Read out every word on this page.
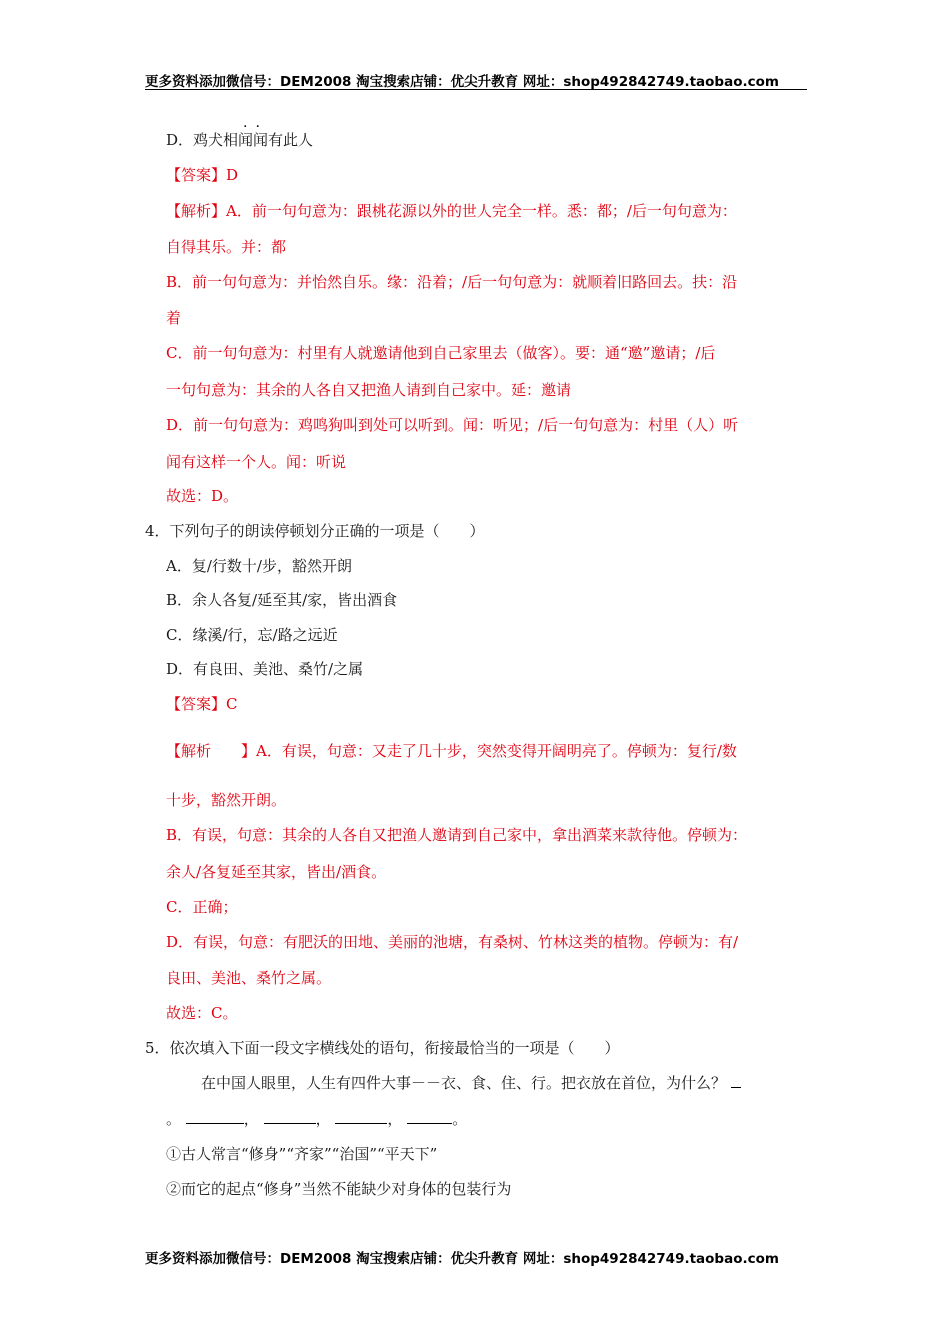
更多资料添加微信号：DEM2008 淘宝搜索店铺：优尖升教育 网址：shop492842749.taobao.com
..
D．鸡犬相闻闻有此人
【答案】D
【解析】A．前一句句意为：跟桃花源以外的世人完全一样。悉：都；/后一句句意为：
自得其乐。并：都
B．前一句句意为：并怡然自乐。缘：沿着；/后一句句意为：就顺着旧路回去。扶：沿
着
C．前一句句意为：村里有人就邀请他到自己家里去（做客）。要：通“邀”邀请；/后
一句句意为：其余的人各自又把渔人请到自己家中。延：邀请
D．前一句句意为：鸡鸣狗叫到处可以听到。闻：听见；/后一句句意为：村里（人）听
闻有这样一个人。闻：听说
故选：D。
4．下列句子的朗读停顿划分正确的一项是（　　）
A．复/行数十/步，豁然开朗
B．余人各复/延至其/家，皆出酒食
C．缘溪/行，忘/路之远近
D．有良田、美池、桑竹/之属
【答案】C
【解析　　】A．有误，句意：又走了几十步，突然变得开阔明亮了。停顿为：复行/数
十步，豁然开朗。
B．有误，句意：其余的人各自又把渔人邀请到自己家中，拿出酒菜来款待他。停顿为：
余人/各复延至其家，皆出/酒食。
C．正确；
D．有误，句意：有肥沃的田地、美丽的池塘，有桑树、竹林这类的植物。停顿为：有/
良田、美池、桑竹之属。
故选：C。
5．依次填入下面一段文字横线处的语句，衔接最恰当的一项是（　　）
在中国人眼里，人生有四件大事－－衣、食、住、行。把衣放在首位，为什么？
。	，	，	，	。
①古人常言“修身”“齐家”“治国”“平天下”
②而它的起点“修身”当然不能缺少对身体的包装行为
更多资料添加微信号：DEM2008 淘宝搜索店铺：优尖升教育 网址：shop492842749.taobao.com
